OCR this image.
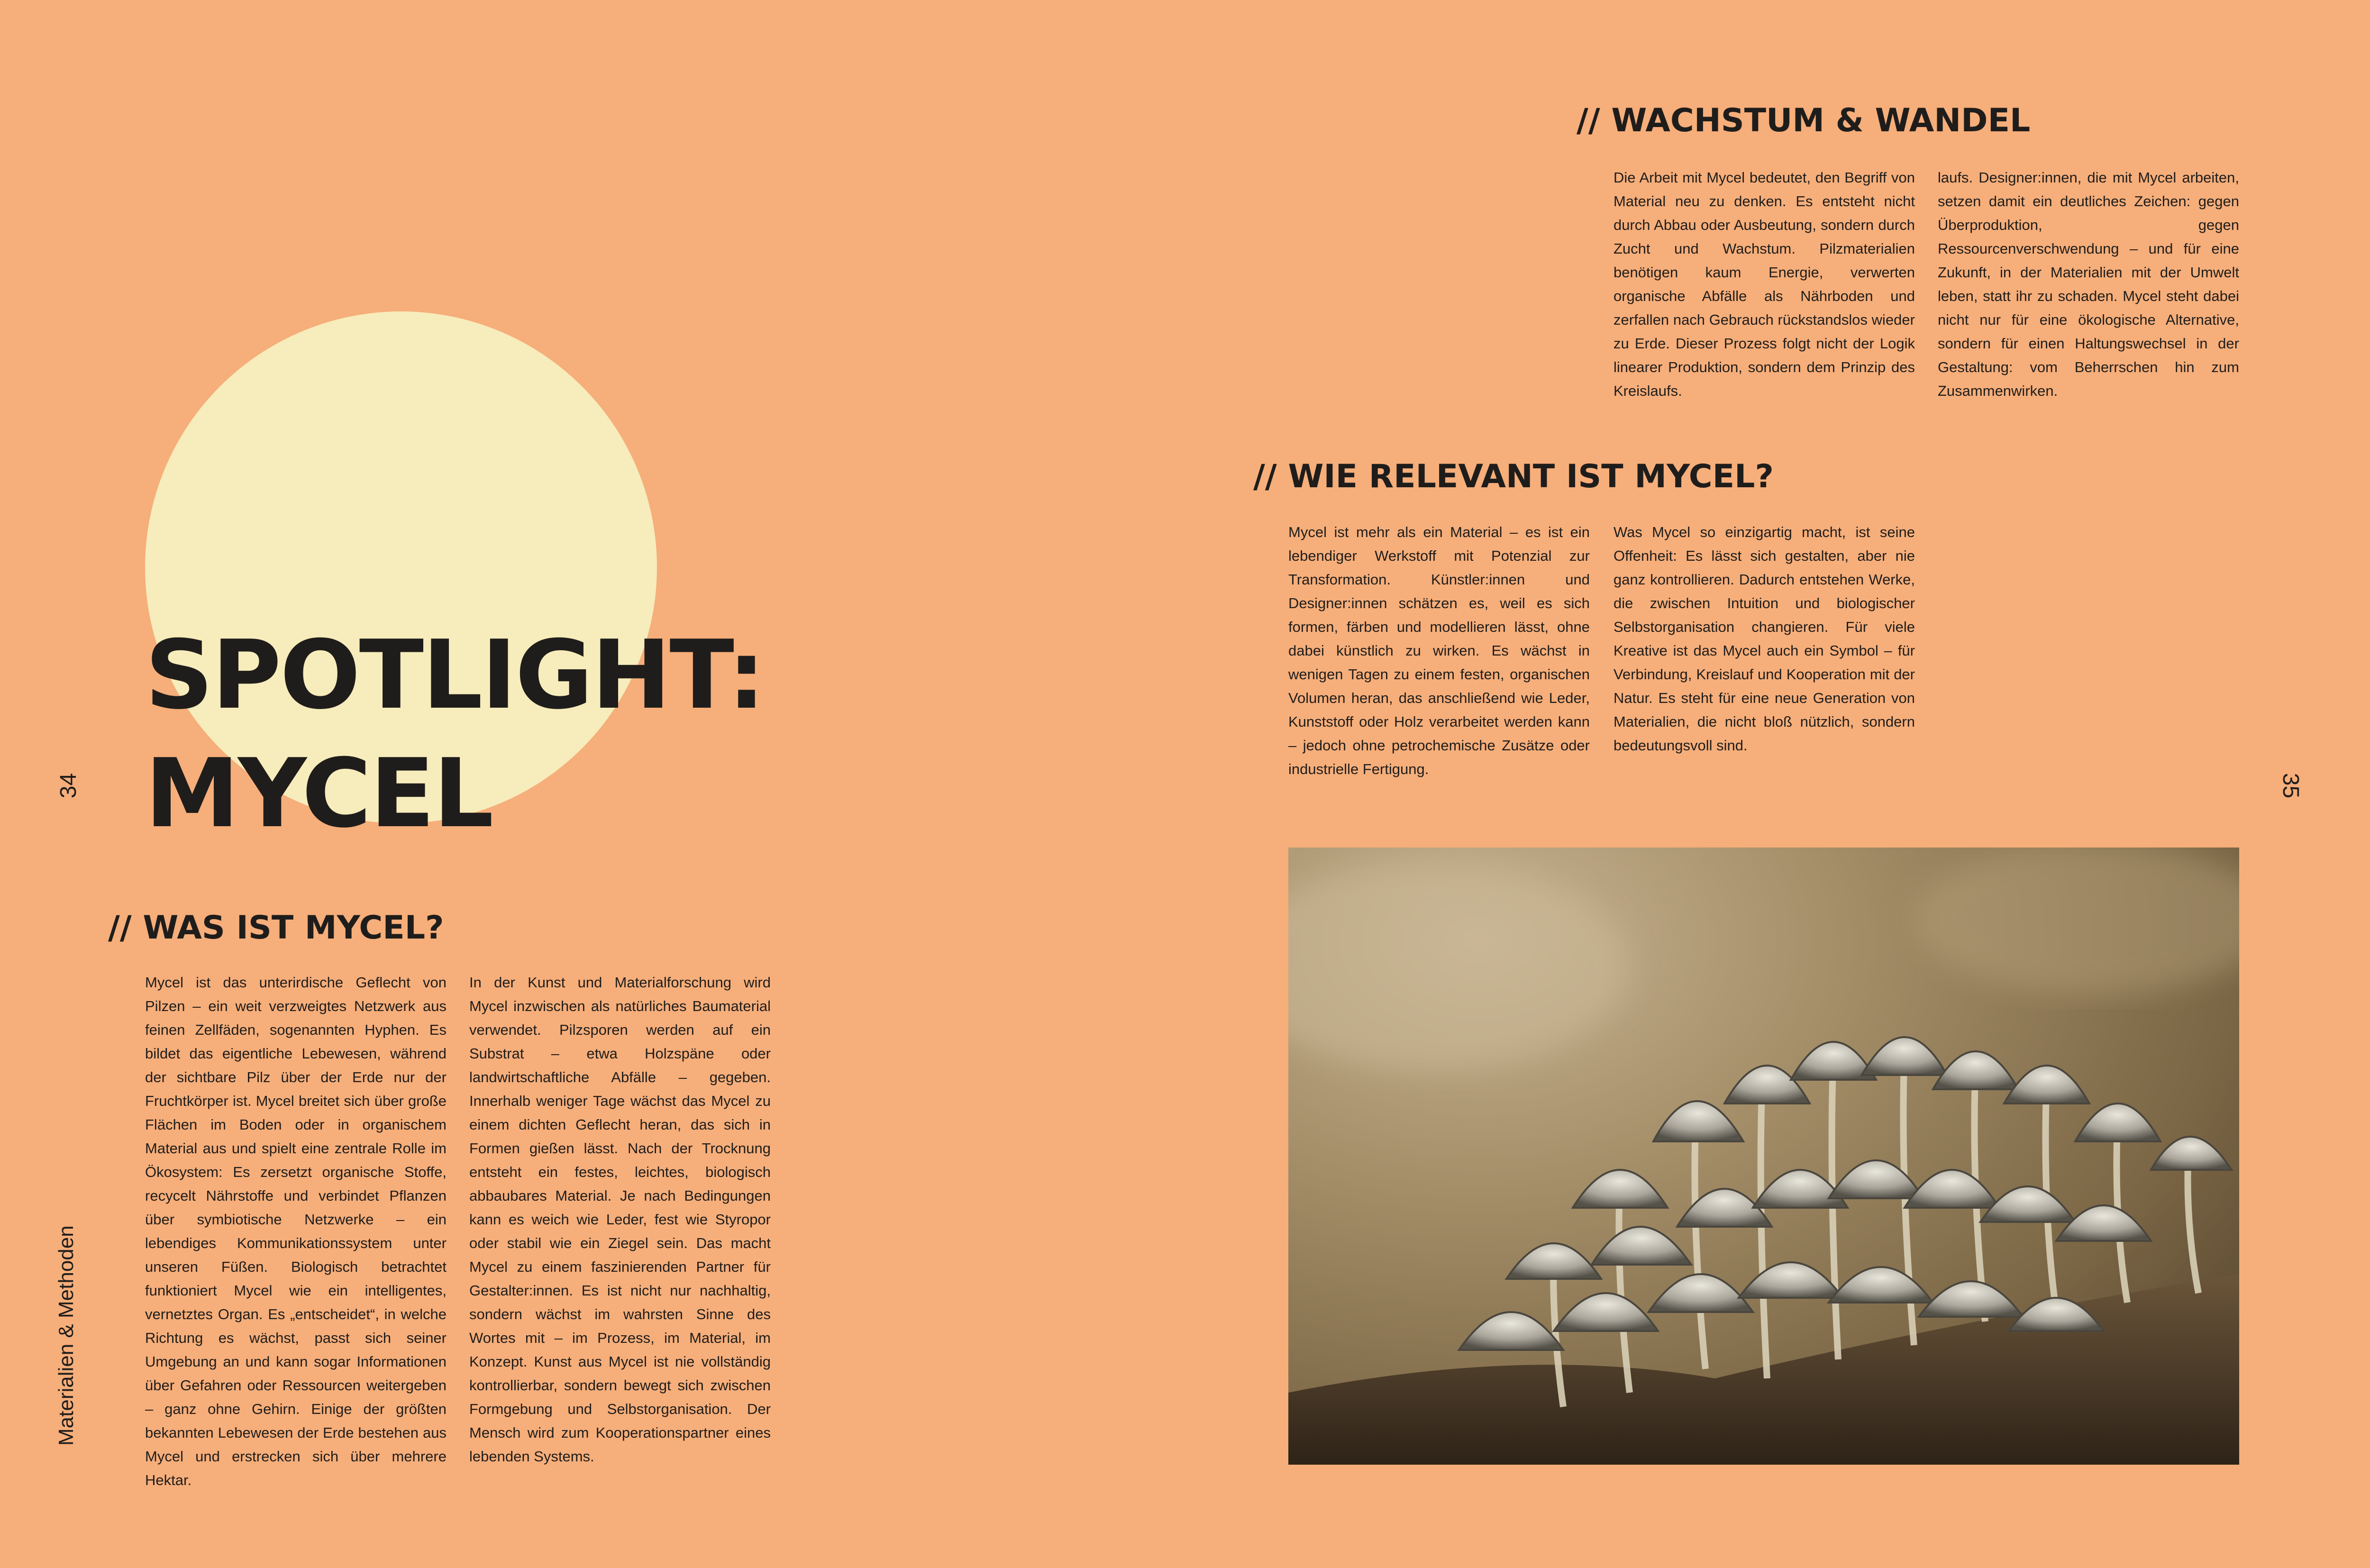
SPOTLIGHT:
MYCEL
34
Materialien & Methoden
// WAS IST MYCEL?

Mycel ist das unterirdische Geflecht von Pilzen – ein weit verzweigtes Netzwerk aus feinen Zellfäden, sogenannten Hyphen. Es bildet das eigentliche Lebewesen, während der sichtbare Pilz über der Erde nur der Fruchtkörper ist. Mycel breitet sich über große Flächen im Boden oder in organischem Material aus und spielt eine zentrale Rolle im Ökosystem: Es zersetzt organische Stoffe, recycelt Nährstoffe und verbindet Pflanzen über symbiotische Netzwerke – ein lebendiges Kommunikationssystem unter unseren Füßen. Biologisch betrachtet funktioniert Mycel wie ein intelligentes, vernetztes Organ. Es „entscheidet“, in welche Richtung es wächst, passt sich seiner Umgebung an und kann sogar Informationen über Gefahren oder Ressourcen weitergeben – ganz ohne Gehirn. Einige der größten bekannten Lebewesen der Erde bestehen aus Mycel und erstrecken sich über mehrere Hektar.

In der Kunst und Materialforschung wird Mycel inzwischen als natürliches Baumaterial verwendet. Pilzsporen werden auf ein Substrat – etwa Holzspäne oder landwirtschaftliche Abfälle – gegeben. Innerhalb weniger Tage wächst das Mycel zu einem dichten Geflecht heran, das sich in Formen gießen lässt. Nach der Trocknung entsteht ein festes, leichtes, biologisch abbaubares Material. Je nach Bedingungen kann es weich wie Leder, fest wie Styropor oder stabil wie ein Ziegel sein. Das macht Mycel zu einem faszinierenden Partner für Gestalter:innen. Es ist nicht nur nachhaltig, sondern wächst im wahrsten Sinne des Wortes mit – im Prozess, im Material, im Konzept. Kunst aus Mycel ist nie vollständig kontrollierbar, sondern bewegt sich zwischen Formgebung und Selbstorganisation. Der Mensch wird zum Kooperationspartner eines lebenden Systems.

35
// WACHSTUM & WANDEL

Die Arbeit mit Mycel bedeutet, den Begriff von Material neu zu denken. Es entsteht nicht durch Abbau oder Ausbeutung, sondern durch Zucht und Wachstum. Pilzmaterialien benötigen kaum Energie, verwerten organische Abfälle als Nährboden und zerfallen nach Gebrauch rückstandslos wieder zu Erde. Dieser Prozess folgt nicht der Logik linearer Produktion, sondern dem Prinzip des Kreislaufs.

laufs. Designer:innen, die mit Mycel arbeiten, setzen damit ein deutliches Zeichen: gegen Überproduktion, gegen Ressourcenverschwendung – und für eine Zukunft, in der Materialien mit der Umwelt leben, statt ihr zu schaden. Mycel steht dabei nicht nur für eine ökologische Alternative, sondern für einen Haltungswechsel in der Gestaltung: vom Beherrschen hin zum Zusammenwirken.

// WIE RELEVANT IST MYCEL?

Mycel ist mehr als ein Material – es ist ein lebendiger Werkstoff mit Potenzial zur Transformation. Künstler:innen und Designer:innen schätzen es, weil es sich formen, färben und modellieren lässt, ohne dabei künstlich zu wirken. Es wächst in wenigen Tagen zu einem festen, organischen Volumen heran, das anschließend wie Leder, Kunststoff oder Holz verarbeitet werden kann – jedoch ohne petrochemische Zusätze oder industrielle Fertigung.

Was Mycel so einzigartig macht, ist seine Offenheit: Es lässt sich gestalten, aber nie ganz kontrollieren. Dadurch entstehen Werke, die zwischen Intuition und biologischer Selbstorganisation changieren. Für viele Kreative ist das Mycel auch ein Symbol – für Verbindung, Kreislauf und Kooperation mit der Natur. Es steht für eine neue Generation von Materialien, die nicht bloß nützlich, sondern bedeutungsvoll sind.
